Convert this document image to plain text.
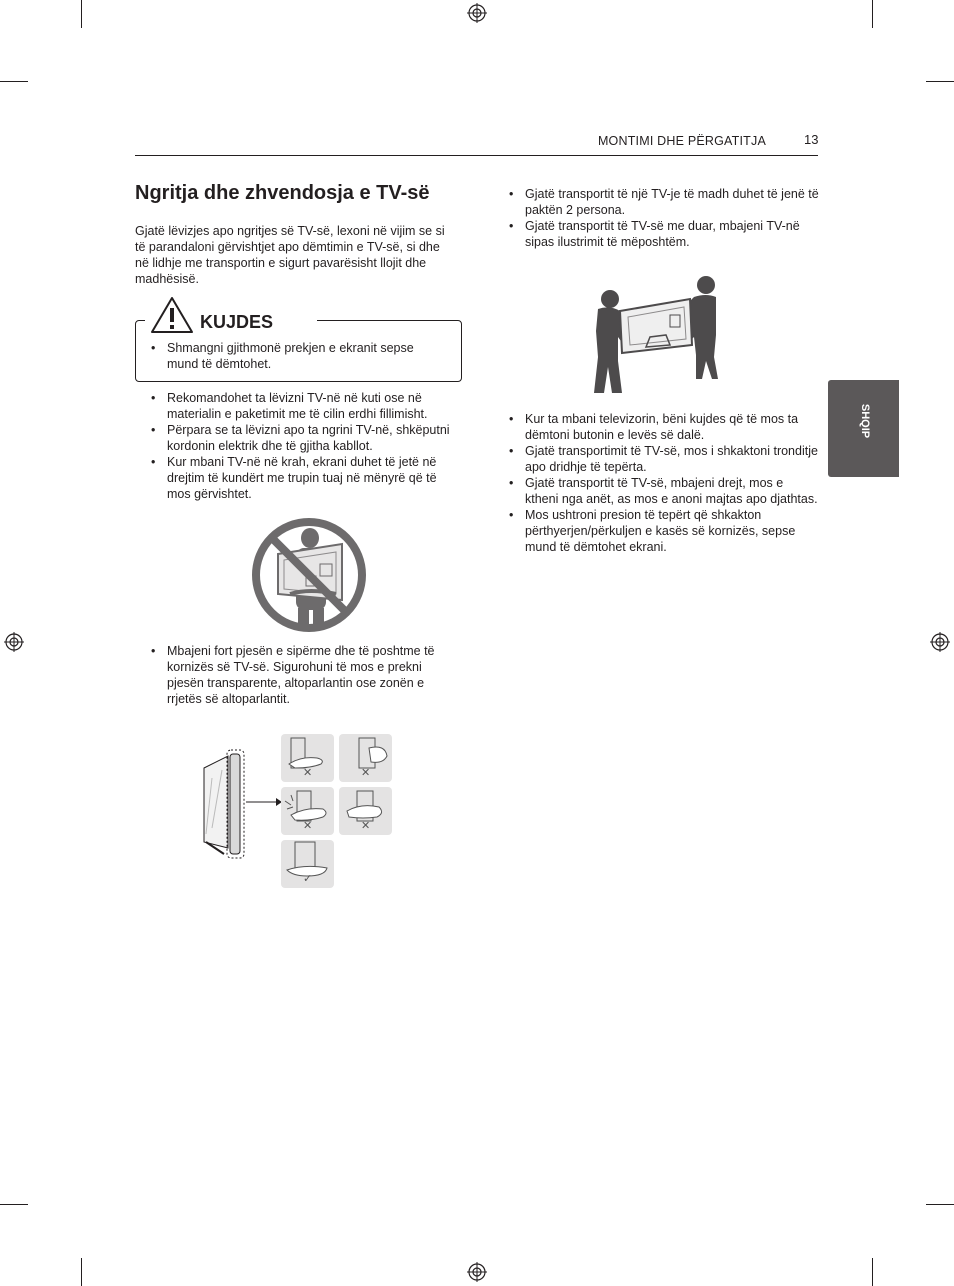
MONTIMI DHE PËRGATITJA	13
SHQIP
Ngritja dhe zhvendosja e TV-së

Gjatë lëvizjes apo ngritjes së TV-së, lexoni në vijim se si të parandaloni gërvishtjet apo dëmtimin e TV-së, si dhe në lidhje me transportin e sigurt pavarësisht llojit dhe madhësisë.

KUJDES
• Shmangni gjithmonë prekjen e ekranit sepse mund të dëmtohet.
• Rekomandohet ta lëvizni TV-në në kuti ose në materialin e paketimit me të cilin erdhi fillimisht.
• Përpara se ta lëvizni apo ta ngrini TV-në, shkëputni kordonin elektrik dhe të gjitha kabllot.
• Kur mbani TV-në në krah, ekrani duhet të jetë në drejtim të kundërt me trupin tuaj në mënyrë që të mos gërvishtet.
• Mbajeni fort pjesën e sipërme dhe të poshtme të kornizës së TV-së. Sigurohuni të mos e prekni pjesën transparente, altoparlantin ose zonën e rrjetës së altoparlantit.
✕	✕
✕	✕
✓
• Gjatë transportit të një TV-je të madh duhet të jenë të paktën 2 persona.
• Gjatë transportit të TV-së me duar, mbajeni TV-në sipas ilustrimit të mëposhtëm.
• Kur ta mbani televizorin, bëni kujdes që të mos ta dëmtoni butonin e levës së dalë.
• Gjatë transportimit të TV-së, mos i shkaktoni tronditje apo dridhje të tepërta.
• Gjatë transportit të TV-së, mbajeni drejt, mos e ktheni nga anët, as mos e anoni majtas apo djathtas.
• Mos ushtroni presion të tepërt që shkakton përthyerjen/përkuljen e kasës së kornizës, sepse mund të dëmtohet ekrani.
